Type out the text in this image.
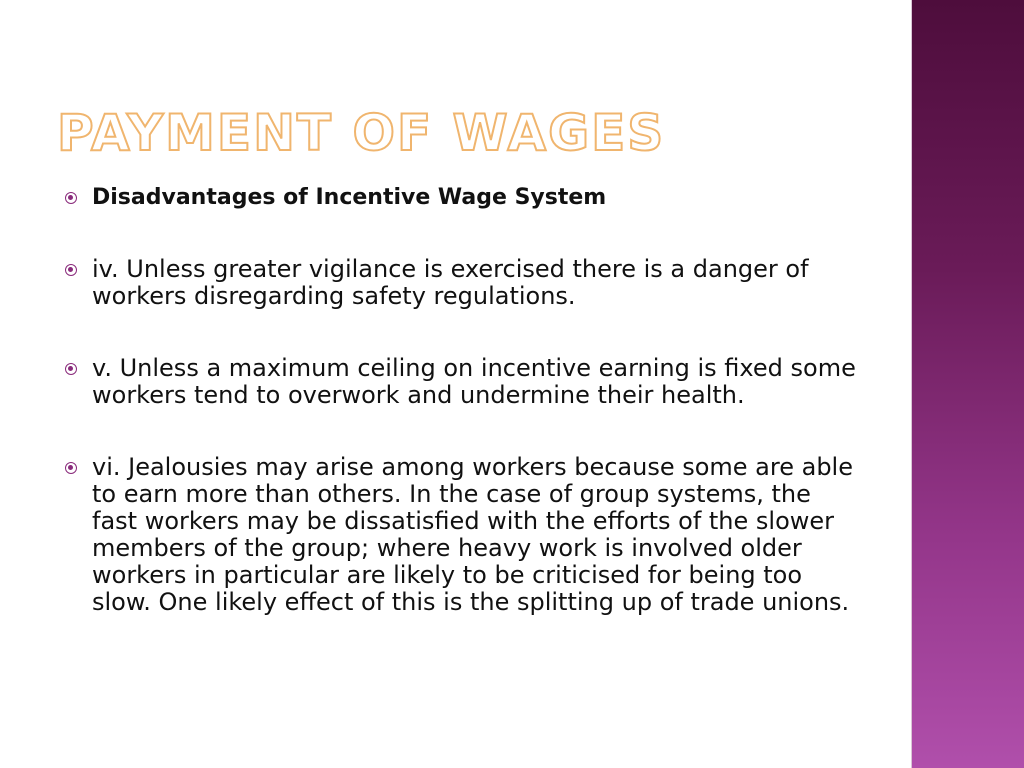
PAYMENT OF WAGES
Disadvantages of Incentive Wage System
iv. Unless greater vigilance is exercised there is a danger of workers disregarding safety regulations.
v. Unless a maximum ceiling on incentive earning is fixed some workers tend to overwork and undermine their health.
vi. Jealousies may arise among workers because some are able to earn more than others. In the case of group systems, the fast workers may be dissatisfied with the efforts of the slower members of the group; where heavy work is involved older workers in particular are likely to be criticised for being too slow. One likely effect of this is the splitting up of trade unions.
